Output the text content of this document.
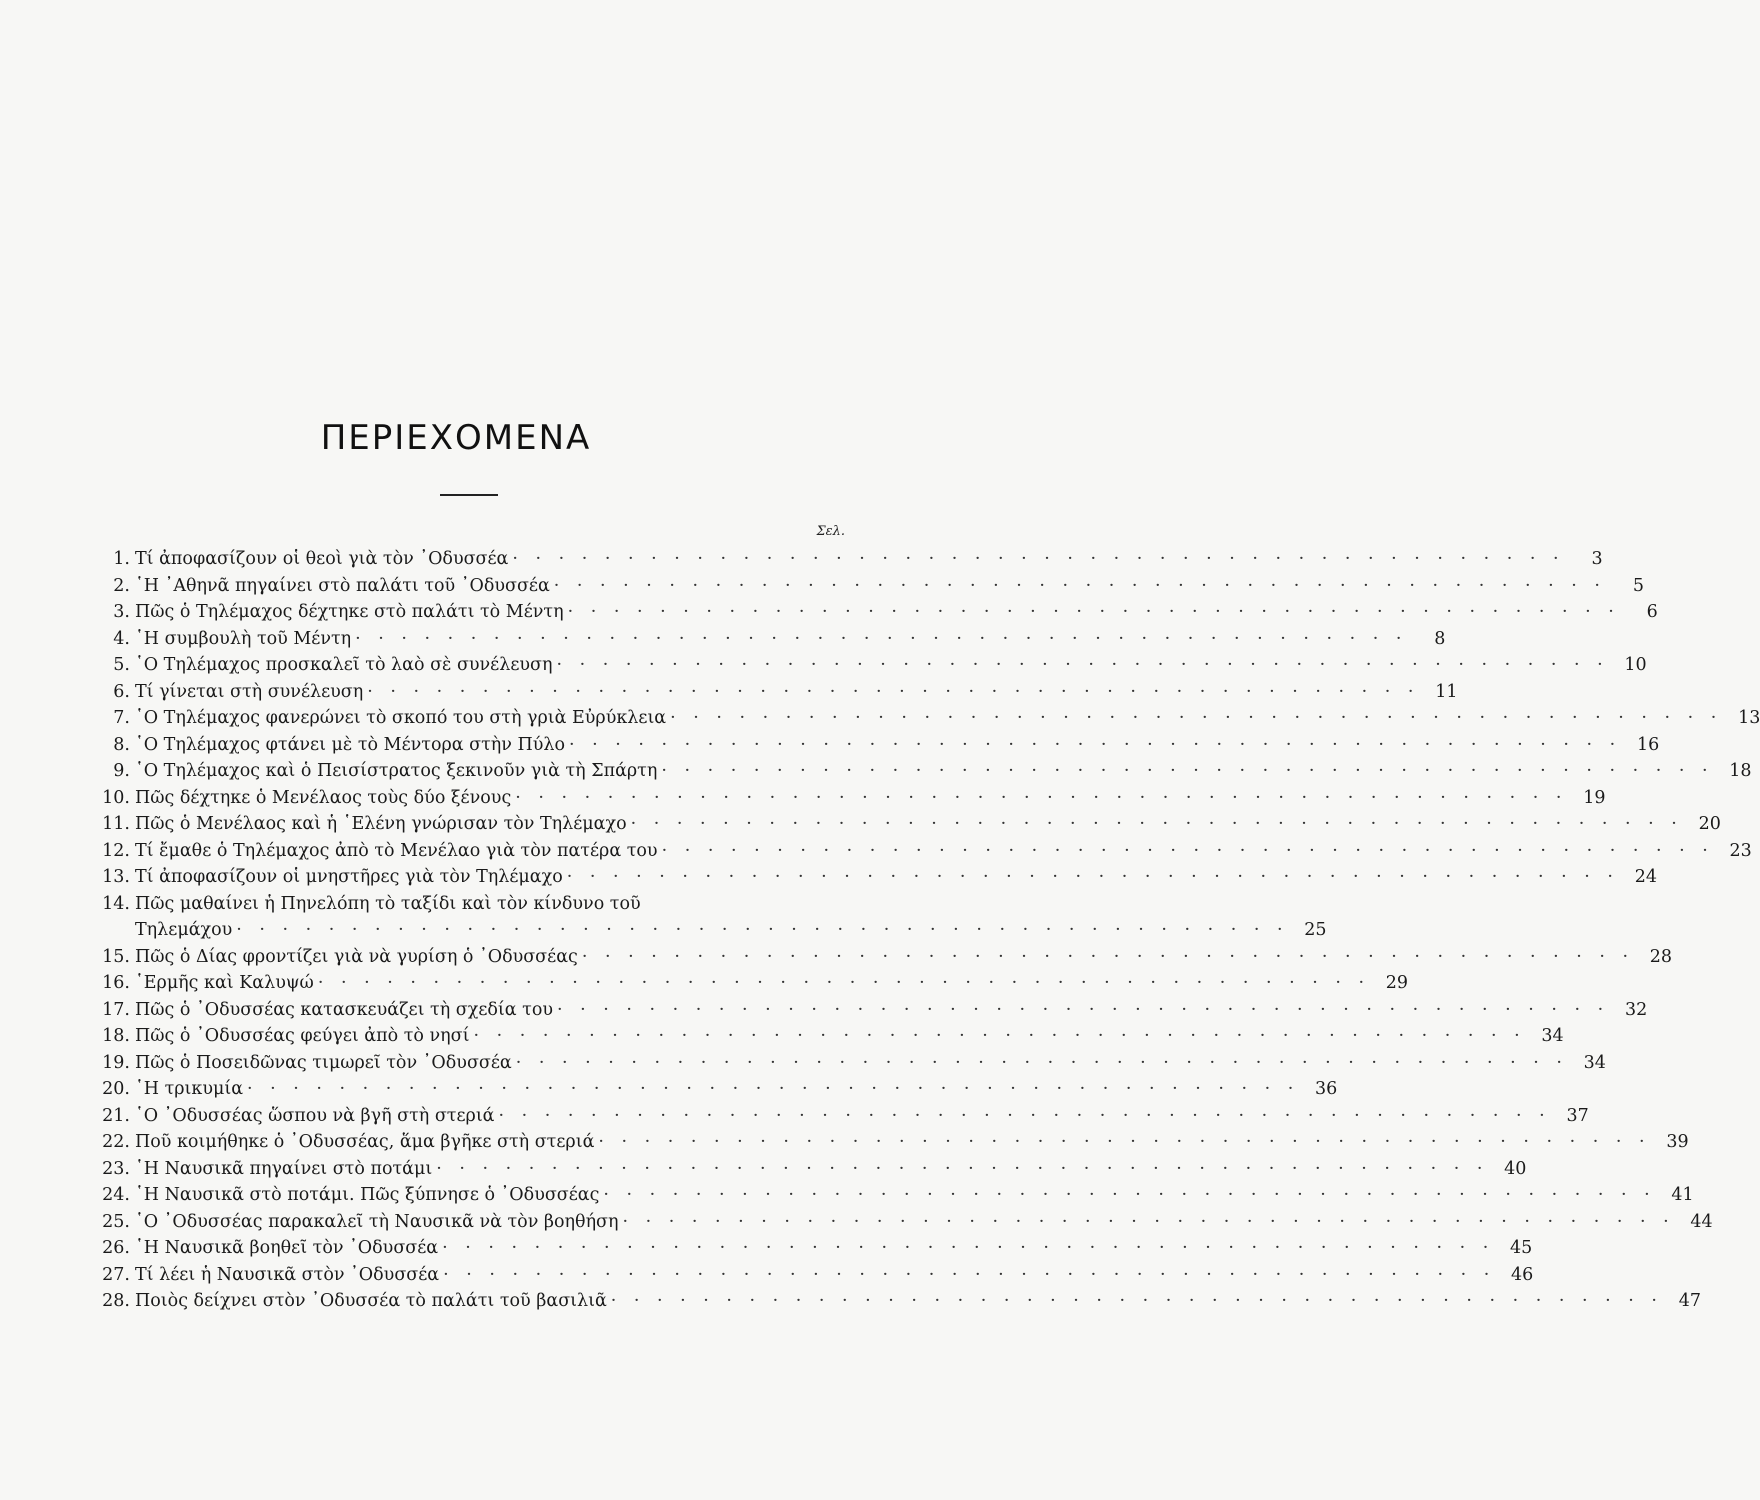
ΠΕΡΙΕΧΟΜΕΝΑ
Σελ.
1. Τί ἀποφασίζουν οἱ θεοὶ γιὰ τὸν ᾿Οδυσσέα · · ·	3
2. ῾Η ᾿Αθηνᾶ πηγαίνει στὸ παλάτι τοῦ ᾿Οδυσσέα · · ·	5
3. Πῶς ὁ Τηλέμαχος δέχτηκε στὸ παλάτι τὸ Μέντη · · ·	6
4. ῾Η συμβουλὴ τοῦ Μέντη · · ·	8
5. ῾Ο Τηλέμαχος προσκαλεῖ τὸ λαὸ σὲ συνέλευση · · ·	10
6. Τί γίνεται στὴ συνέλευση · · ·	11
7. ῾Ο Τηλέμαχος φανερώνει τὸ σκοπό του στὴ γριὰ Εὐρύκλεια · · ·	13
8. ῾Ο Τηλέμαχος φτάνει μὲ τὸ Μέντορα στὴν Πύλο · · ·	16
9. ῾Ο Τηλέμαχος καὶ ὁ Πεισίστρατος ξεκινοῦν γιὰ τὴ Σπάρτη · · ·	18
10. Πῶς δέχτηκε ὁ Μενέλαος τοὺς δύο ξένους · · ·	19
11. Πῶς ὁ Μενέλαος καὶ ἡ ῾Ελένη γνώρισαν τὸν Τηλέμαχο · · ·	20
12. Τί ἔμαθε ὁ Τηλέμαχος ἀπὸ τὸ Μενέλαο γιὰ τὸν πατέρα του · · ·	23
13. Τί ἀποφασίζουν οἱ μνηστῆρες γιὰ τὸν Τηλέμαχο · · ·	24
14. Πῶς μαθαίνει ἡ Πηνελόπη τὸ ταξίδι καὶ τὸν κίνδυνο τοῦ
Τηλεμάχου · · ·	25
15. Πῶς ὁ Δίας φροντίζει γιὰ νὰ γυρίση ὁ ᾿Οδυσσέας · · ·	28
16. ῾Ερμῆς καὶ Καλυψώ · · ·	29
17. Πῶς ὁ ᾿Οδυσσέας κατασκευάζει τὴ σχεδία του · · ·	32
18. Πῶς ὁ ᾿Οδυσσέας φεύγει ἀπὸ τὸ νησί · · ·	34
19. Πῶς ὁ Ποσειδῶνας τιμωρεῖ τὸν ᾿Οδυσσέα · · ·	34
20. ῾Η τρικυμία · · ·	36
21. ῾Ο ᾿Οδυσσέας ὥσπου νὰ βγῆ στὴ στεριά · · ·	37
22. Ποῦ κοιμήθηκε ὁ ᾿Οδυσσέας, ἅμα βγῆκε στὴ στεριά · · ·	39
23. ῾Η Ναυσικᾶ πηγαίνει στὸ ποτάμι · · ·	40
24. ῾Η Ναυσικᾶ στὸ ποτάμι. Πῶς ξύπνησε ὁ ᾿Οδυσσέας · · ·	41
25. ῾Ο ᾿Οδυσσέας παρακαλεῖ τὴ Ναυσικᾶ νὰ τὸν βοηθήση · · ·	44
26. ῾Η Ναυσικᾶ βοηθεῖ τὸν ᾿Οδυσσέα · · ·	45
27. Τί λέει ἡ Ναυσικᾶ στὸν ᾿Οδυσσέα · · ·	46
28. Ποιὸς δείχνει στὸν ᾿Οδυσσέα τὸ παλάτι τοῦ βασιλιᾶ · · ·	47
